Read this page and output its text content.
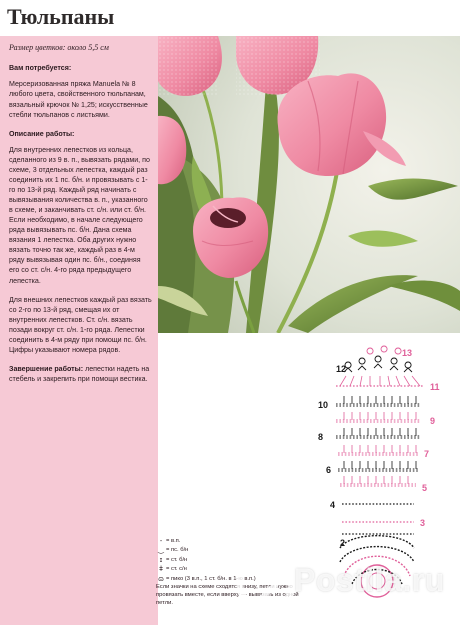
Тюльпаны

Размер цветков: около 5,5 см

Вам потребуется:

Мерсеризованная пряжа Manuela № 8 любого цвета, свойственного тюльпанам, вязальный крючок № 1,25; искусственные стебли тюльпанов с листьями.

Описание работы:

Для внутренних лепестков из кольца, сделанного из 9 в. п., вывязать рядами, по схеме, 3 отдельных лепестка, каждый раз соединить их 1 пс. б/н. и провязывать с 1-го по 13-й ряд. Каждый ряд начинать с вывязывания количества в. п., указанного в схеме, и заканчивать ст. с/н. или ст. б/н. Если необходимо, в начале следующего ряда вывязывать пс. б/н. Дана схема вязания 1 лепестка. Оба других нужно вязать точно так же, каждый раз в 4-м ряду вывязывая один пс. б/н., соединяя его со ст. с/н. 4-го ряда предыдущего лепестка.

Для внешних лепестков каждый раз вязать со 2-го по 13-й ряд, смещая их от внутренних лепестков. Ст. с/н. вязать позади вокруг ст. с/н. 1-го ряда. Лепестки соединить в 4-м ряду при помощи пс. б/н. Цифры указывают номера рядов.

Завершение работы: лепестки надеть на стебель и закрепить при помощи вестика.

12
13
11
10
9
8
7
6
5
4
3
2
- = в.п.
‿ = пс. б/н
ɪ = ст. б/н
ǂ = ст. с/н
ɷ = пико (3 в.п., 1 ст. б/н. в 1-ю в.п.)
Если значки на схеме сходятся внизу, петли нужно провязать вместе, если вверху — вывязать из одной петли.
Postila.ru
